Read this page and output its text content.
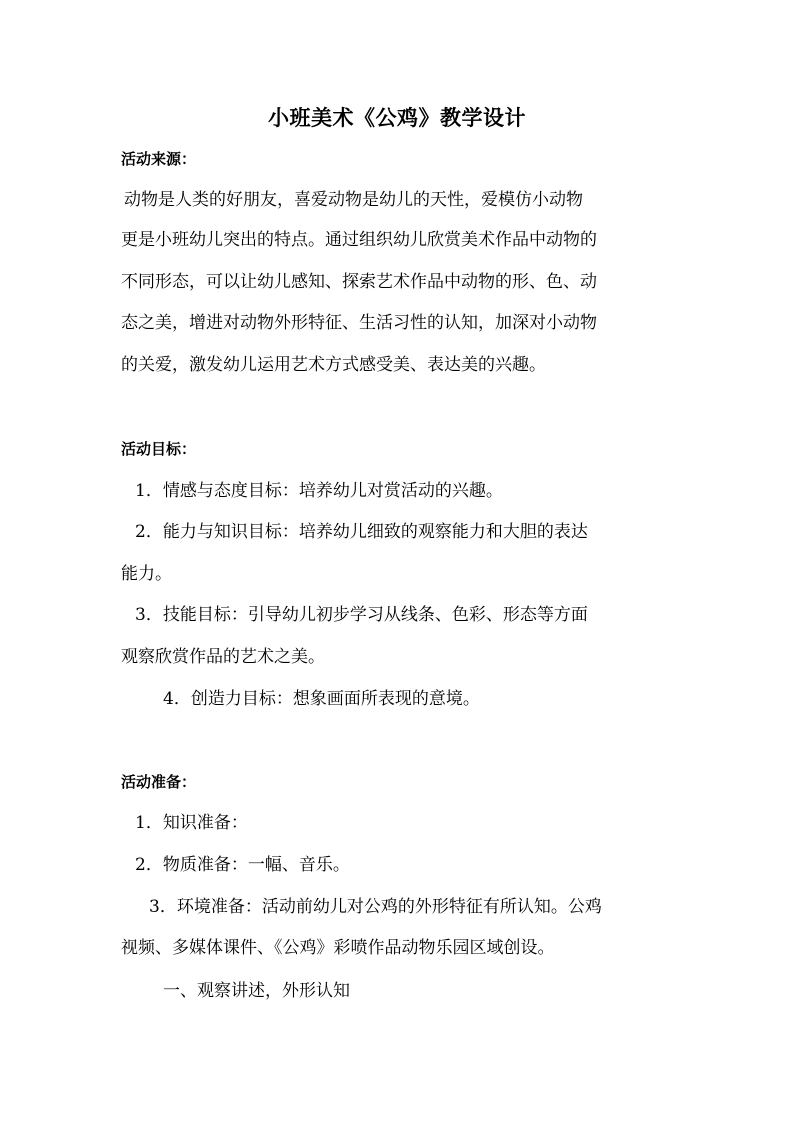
小班美术《公鸡》教学设计
活动来源：
动物是人类的好朋友，喜爱动物是幼儿的天性，爱模仿小动物
更是小班幼儿突出的特点。通过组织幼儿欣赏美术作品中动物的
不同形态，可以让幼儿感知、探索艺术作品中动物的形、色、动
态之美，增进对动物外形特征、生活习性的认知，加深对小动物
的关爱，激发幼儿运用艺术方式感受美、表达美的兴趣。
活动目标：
1．情感与态度目标：培养幼儿对赏活动的兴趣。
2．能力与知识目标：培养幼儿细致的观察能力和大胆的表达
能力。
3．技能目标：引导幼儿初步学习从线条、色彩、形态等方面
观察欣赏作品的艺术之美。
4．创造力目标：想象画面所表现的意境。
活动准备：
1．知识准备：
2．物质准备：一幅、音乐。
3．环境准备：活动前幼儿对公鸡的外形特征有所认知。公鸡
视频、多媒体课件、《公鸡》彩喷作品动物乐园区域创设。
一、观察讲述，外形认知
